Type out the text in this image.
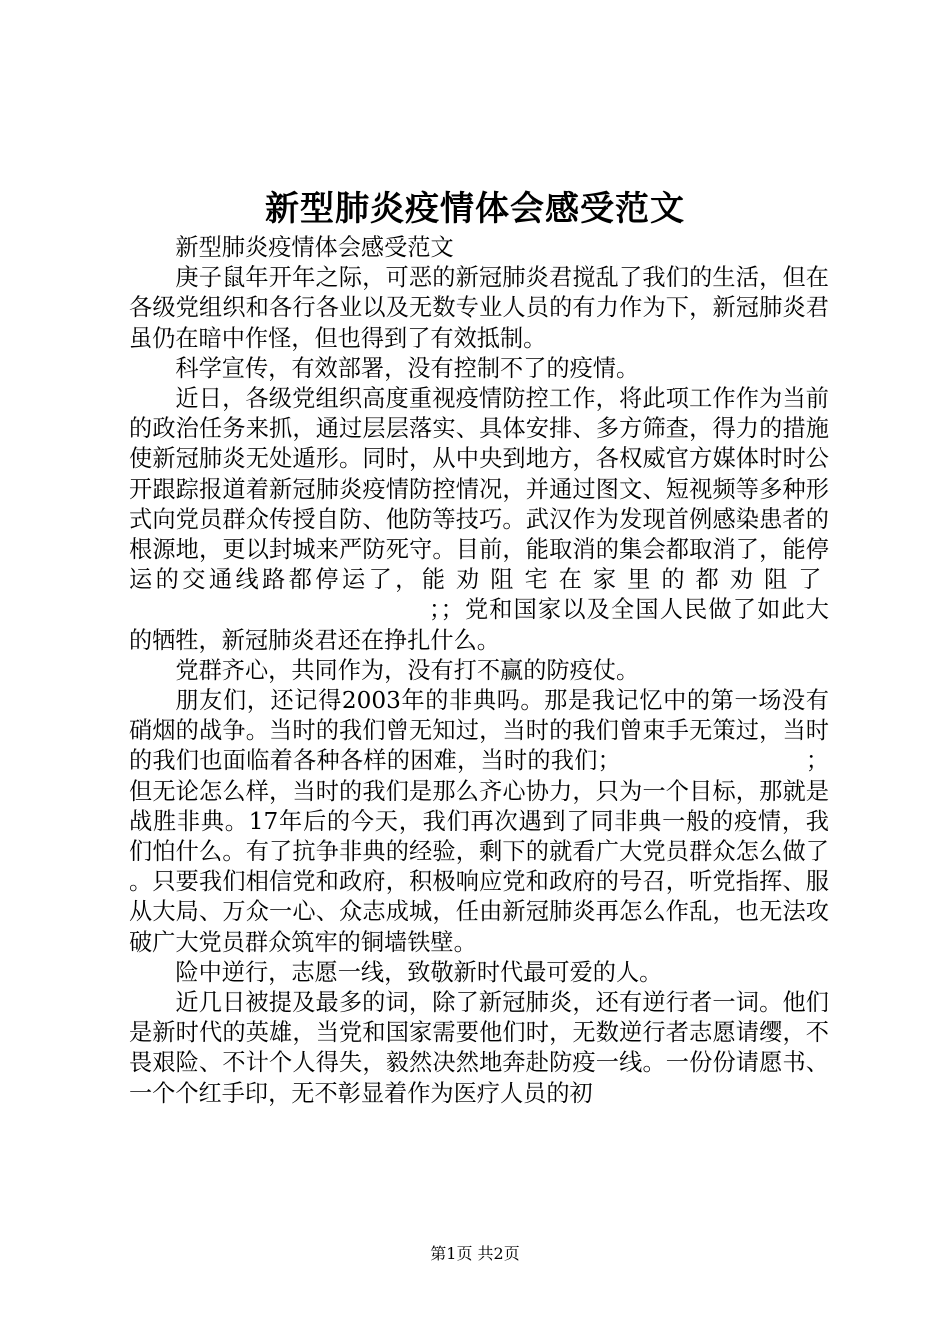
新型肺炎疫情体会感受范文

新型肺炎疫情体会感受范文

庚子鼠年开年之际，可恶的新冠肺炎君搅乱了我们的生活，但在各级党组织和各行各业以及无数专业人员的有力作为下，新冠肺炎君虽仍在暗中作怪，但也得到了有效抵制。

科学宣传，有效部署，没有控制不了的疫情。

近日，各级党组织高度重视疫情防控工作，将此项工作作为当前的政治任务来抓，通过层层落实、具体安排、多方筛查，得力的措施使新冠肺炎无处遁形。同时，从中央到地方，各权威官方媒体时时公开跟踪报道着新冠肺炎疫情防控情况，并通过图文、短视频等多种形式向党员群众传授自防、他防等技巧。武汉作为发现首例感染患者的根源地，更以封城来严防死守。目前，能取消的集会都取消了，能停运的交通线路都停运了，能劝阻宅在家里的都劝阻了；；党和国家以及全国人民做了如此大的牺牲，新冠肺炎君还在挣扎什么。

党群齐心，共同作为，没有打不赢的防疫仗。

朋友们，还记得2003年的非典吗。那是我记忆中的第一场没有硝烟的战争。当时的我们曾无知过，当时的我们曾束手无策过，当时的我们也面临着各种各样的困难，当时的我们；	；但无论怎么样，当时的我们是那么齐心协力，只为一个目标，那就是战胜非典。17年后的今天，我们再次遇到了同非典一般的疫情，我们怕什么。有了抗争非典的经验，剩下的就看广大党员群众怎么做了。只要我们相信党和政府，积极响应党和政府的号召，听党指挥、服从大局、万众一心、众志成城，任由新冠肺炎再怎么作乱，也无法攻破广大党员群众筑牢的铜墙铁壁。

险中逆行，志愿一线，致敬新时代最可爱的人。

近几日被提及最多的词，除了新冠肺炎，还有逆行者一词。他们是新时代的英雄，当党和国家需要他们时，无数逆行者志愿请缨，不畏艰险、不计个人得失，毅然决然地奔赴防疫一线。一份份请愿书、一个个红手印，无不彰显着作为医疗人员的初

第1页 共2页
